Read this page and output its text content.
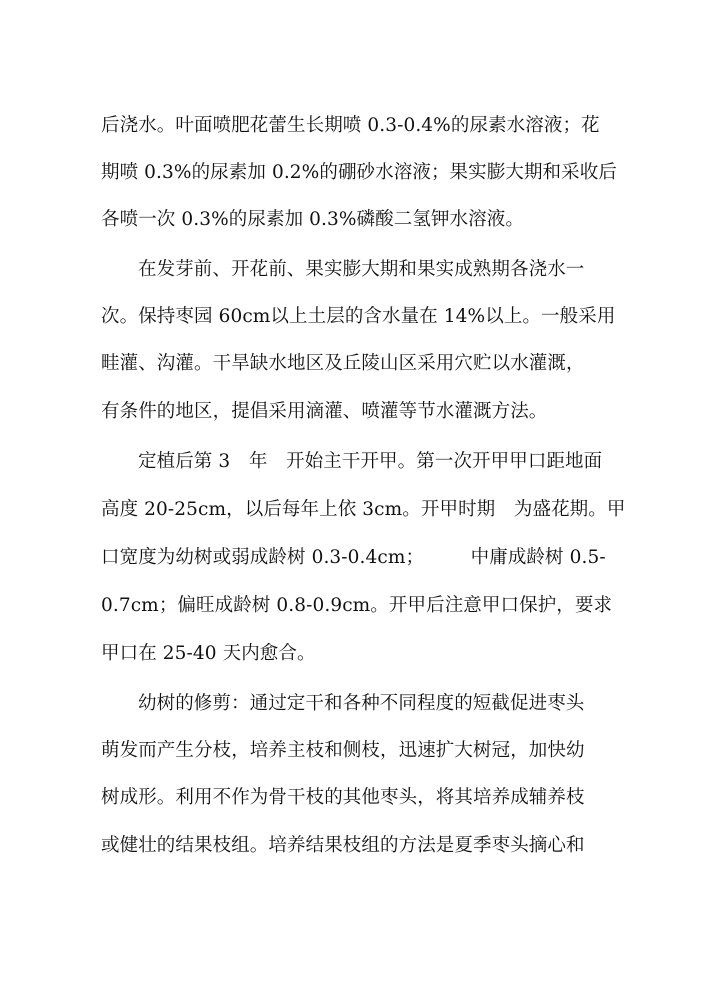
后浇水。叶面喷肥花蕾生长期喷 0.3-0.4%的尿素水溶液；花
期喷 0.3%的尿素加 0.2%的硼砂水溶液；果实膨大期和采收后
各喷一次 0.3%的尿素加 0.3%磷酸二氢钾水溶液。
在发芽前、开花前、果实膨大期和果实成熟期各浇水一
次。保持枣园 60cm以上土层的含水量在 14%以上。一般采用
畦灌、沟灌。干旱缺水地区及丘陵山区采用穴贮以水灌溉，
有条件的地区，提倡采用滴灌、喷灌等节水灌溉方法。
定植后第 3　年　开始主干开甲。第一次开甲甲口距地面
高度 20-25cm，以后每年上依 3cm。开甲时期　为盛花期。甲
口宽度为幼树或弱成龄树 0.3-0.4cm；　　　中庸成龄树 0.5-
0.7cm；偏旺成龄树 0.8-0.9cm。开甲后注意甲口保护，要求
甲口在 25-40 天内愈合。
幼树的修剪：通过定干和各种不同程度的短截促进枣头
萌发而产生分枝，培养主枝和侧枝，迅速扩大树冠，加快幼
树成形。利用不作为骨干枝的其他枣头，将其培养成辅养枝
或健壮的结果枝组。培养结果枝组的方法是夏季枣头摘心和
